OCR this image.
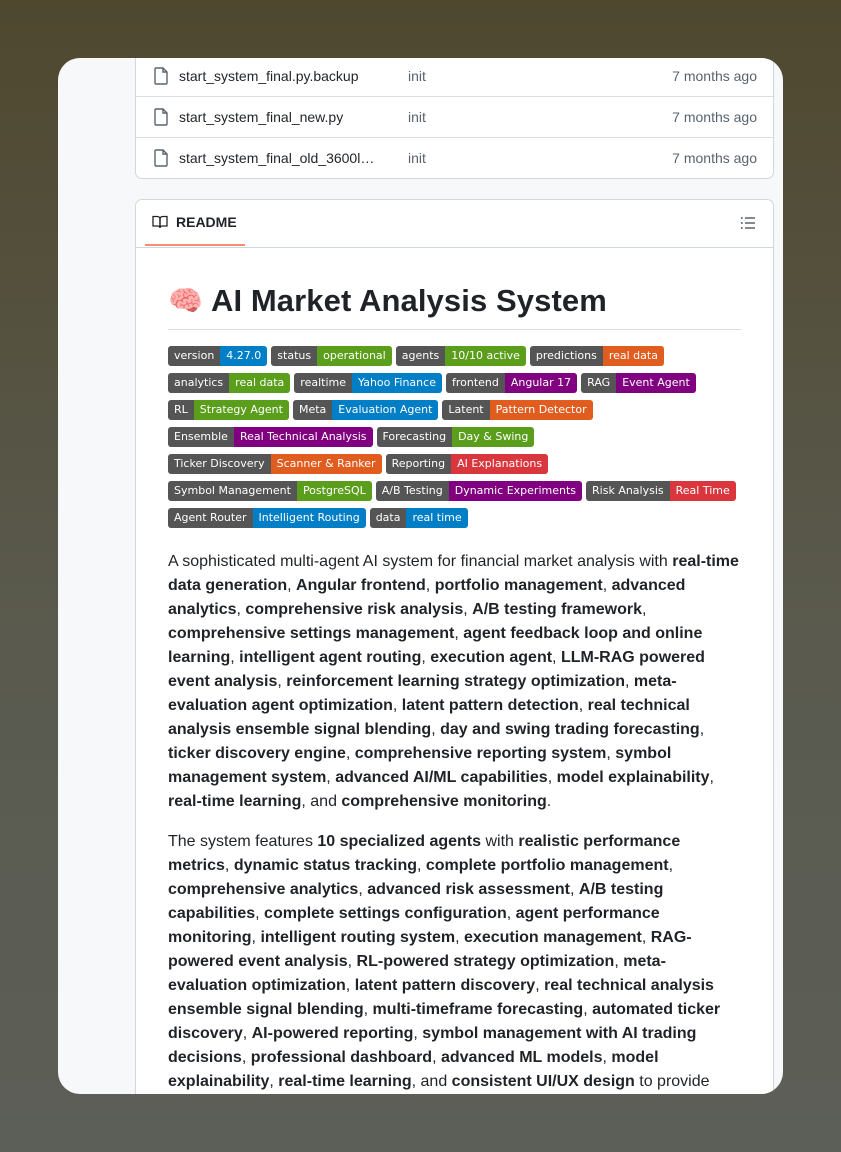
start_system_final.py.backup	init	7 months ago
start_system_final_new.py	init	7 months ago
start_system_final_old_3600l…	init	7 months ago
README
🧠 AI Market Analysis System
version	4.27.0	status	operational	agents	10/10 active	predictions	real data
analytics	real data	realtime	Yahoo Finance	frontend	Angular 17	RAG	Event Agent
RL	Strategy Agent	Meta	Evaluation Agent	Latent	Pattern Detector
Ensemble	Real Technical Analysis	Forecasting	Day & Swing
Ticker Discovery	Scanner & Ranker	Reporting	AI Explanations
Symbol Management	PostgreSQL	A/B Testing	Dynamic Experiments	Risk Analysis	Real Time
Agent Router	Intelligent Routing	data	real time

A sophisticated multi-agent AI system for financial market analysis with real-time data generation, Angular frontend, portfolio management, advanced analytics, comprehensive risk analysis, A/B testing framework, comprehensive settings management, agent feedback loop and online learning, intelligent agent routing, execution agent, LLM-RAG powered event analysis, reinforcement learning strategy optimization, meta-evaluation agent optimization, latent pattern detection, real technical analysis ensemble signal blending, day and swing trading forecasting, ticker discovery engine, comprehensive reporting system, symbol management system, advanced AI/ML capabilities, model explainability, real-time learning, and comprehensive monitoring.

The system features 10 specialized agents with realistic performance metrics, dynamic status tracking, complete portfolio management, comprehensive analytics, advanced risk assessment, A/B testing capabilities, complete settings configuration, agent performance monitoring, intelligent routing system, execution management, RAG-powered event analysis, RL-powered strategy optimization, meta-evaluation optimization, latent pattern discovery, real technical analysis ensemble signal blending, multi-timeframe forecasting, automated ticker discovery, AI-powered reporting, symbol management with AI trading decisions, professional dashboard, advanced ML models, model explainability, real-time learning, and consistent UI/UX design to provide
